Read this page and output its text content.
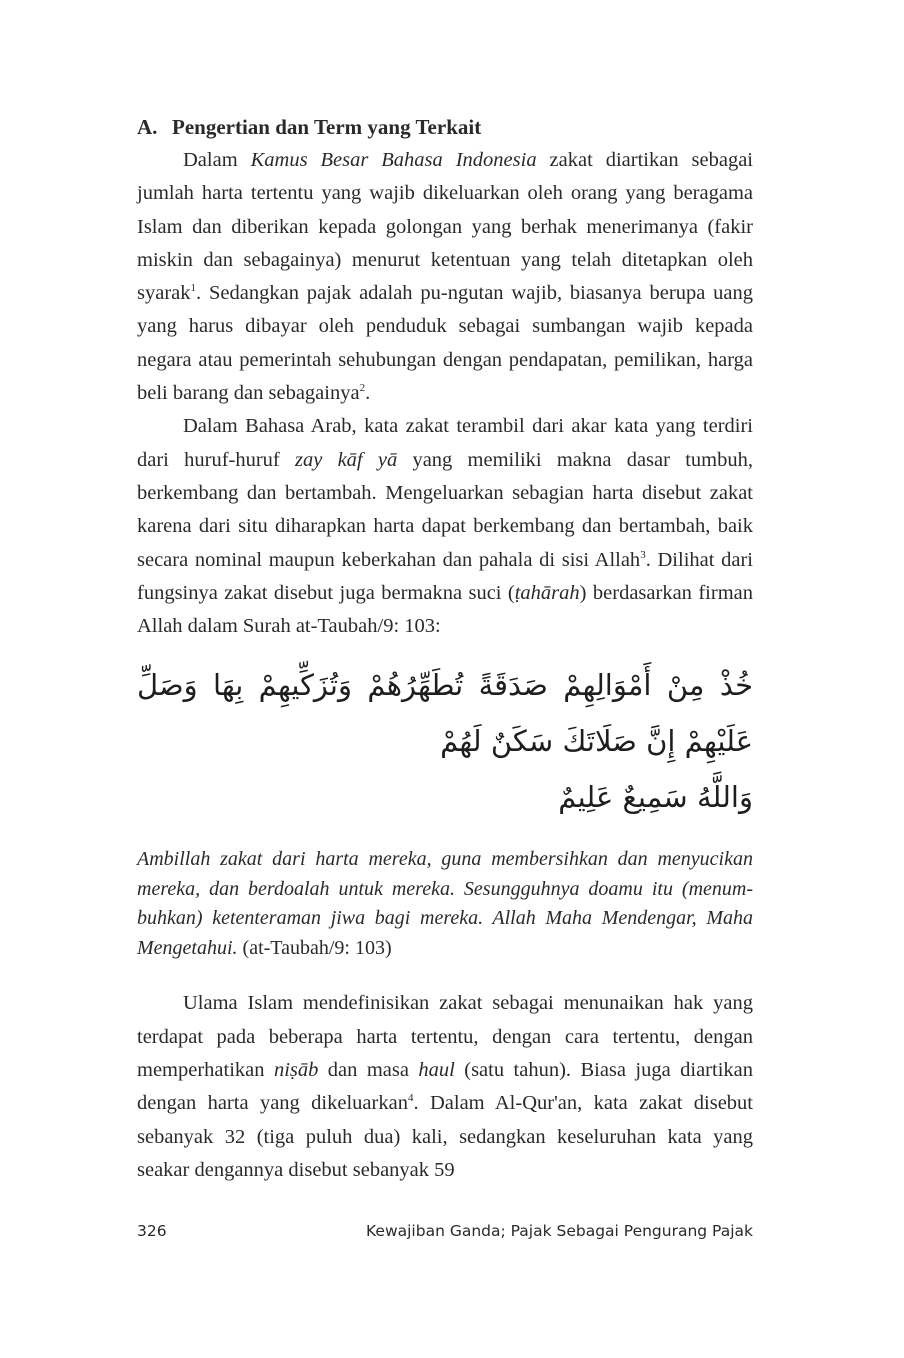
A. Pengertian dan Term yang Terkait

Dalam Kamus Besar Bahasa Indonesia zakat diartikan sebagai jumlah harta tertentu yang wajib dikeluarkan oleh orang yang beragama Islam dan diberikan kepada golongan yang berhak menerimanya (fakir miskin dan sebagainya) menurut ketentuan yang telah ditetapkan oleh syarak$^1$. Sedangkan pajak adalah pu-ngutan wajib, biasanya berupa uang yang harus dibayar oleh penduduk sebagai sumbangan wajib kepada negara atau pemerintah sehubungan dengan pendapatan, pemilikan, harga beli barang dan sebagainya$^2$.

Dalam Bahasa Arab, kata zakat terambil dari akar kata yang terdiri dari huruf-huruf zay kāf yā yang memiliki makna dasar tumbuh, berkembang dan bertambah. Mengeluarkan sebagian harta disebut zakat karena dari situ diharapkan harta dapat berkembang dan bertambah, baik secara nominal maupun keberkahan dan pahala di sisi Allah$^3$. Dilihat dari fungsinya zakat disebut juga bermakna suci (ṭahārah) berdasarkan firman Allah dalam Surah at-Taubah/9: 103:

خُذْ مِنْ أَمْوَالِهِمْ صَدَقَةً تُطَهِّرُهُمْ وَتُزَكِّيهِمْ بِهَا وَصَلِّ عَلَيْهِمْ إِنَّ صَلَاتَكَ سَكَنٌ لَهُمْ
وَاللَّهُ سَمِيعٌ عَلِيمٌ

Ambillah zakat dari harta mereka, guna membersihkan dan menyucikan mereka, dan berdoalah untuk mereka. Sesungguhnya doamu itu (menum-buhkan) ketenteraman jiwa bagi mereka. Allah Maha Mendengar, Maha Mengetahui. (at-Taubah/9: 103)

Ulama Islam mendefinisikan zakat sebagai menunaikan hak yang terdapat pada beberapa harta tertentu, dengan cara tertentu, dengan memperhatikan niṣāb dan masa haul (satu tahun). Biasa juga diartikan dengan harta yang dikeluarkan$^4$. Dalam Al-Qur'an, kata zakat disebut sebanyak 32 (tiga puluh dua) kali, sedangkan keseluruhan kata yang seakar dengannya disebut sebanyak 59

326	Kewajiban Ganda; Pajak Sebagai Pengurang Pajak
